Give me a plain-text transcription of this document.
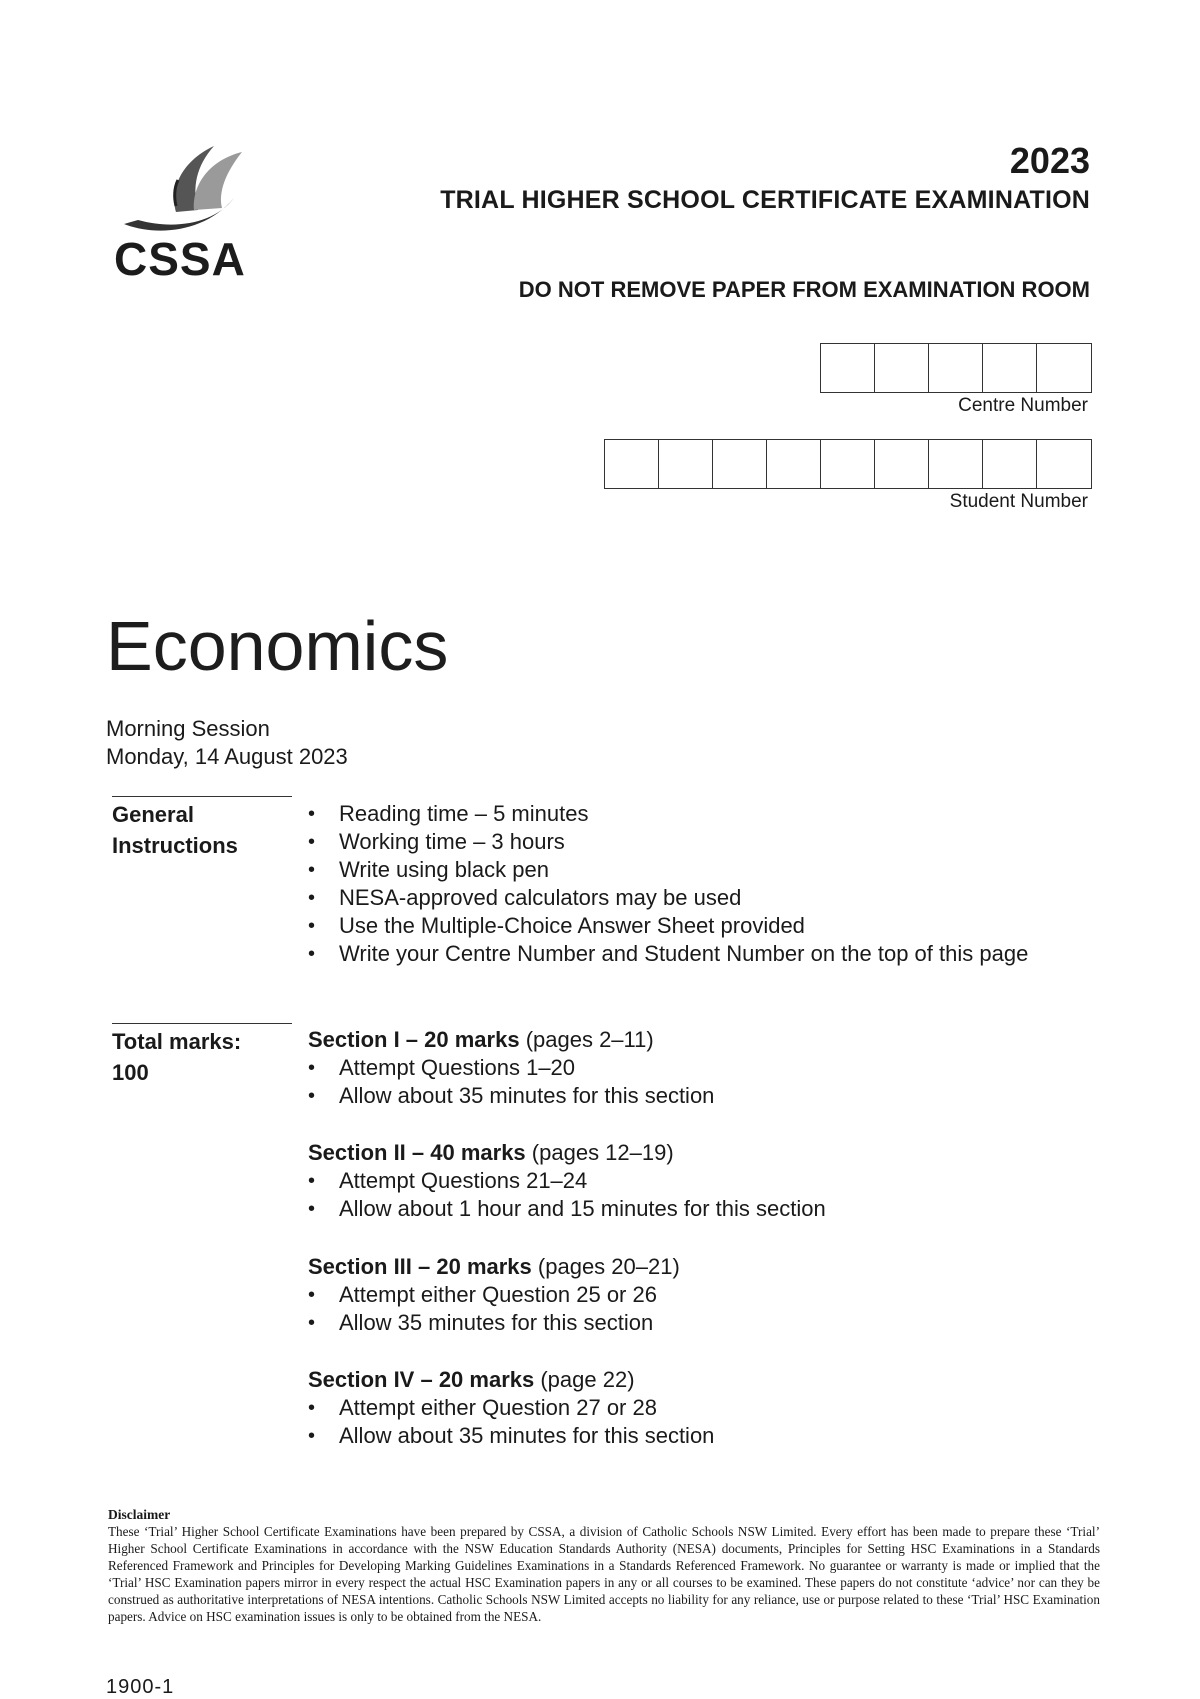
CSSA
2023
TRIAL HIGHER SCHOOL CERTIFICATE EXAMINATION
DO NOT REMOVE PAPER FROM EXAMINATION ROOM
Centre Number
Student Number
Economics
Morning Session
Monday, 14 August 2023
General
Instructions
• Reading time – 5 minutes
• Working time – 3 hours
• Write using black pen
• NESA-approved calculators may be used
• Use the Multiple-Choice Answer Sheet provided
• Write your Centre Number and Student Number on the top of this page
Total marks:
100
Section I – 20 marks (pages 2–11)
• Attempt Questions 1–20
• Allow about 35 minutes for this section
Section II – 40 marks (pages 12–19)
• Attempt Questions 21–24
• Allow about 1 hour and 15 minutes for this section
Section III – 20 marks (pages 20–21)
• Attempt either Question 25 or 26
• Allow 35 minutes for this section
Section IV – 20 marks (page 22)
• Attempt either Question 27 or 28
• Allow about 35 minutes for this section
Disclaimer
These ‘Trial’ Higher School Certificate Examinations have been prepared by CSSA, a division of Catholic Schools NSW Limited. Every effort has been made to prepare these ‘Trial’ Higher School Certificate Examinations in accordance with the NSW Education Standards Authority (NESA) documents, Principles for Setting HSC Examinations in a Standards Referenced Framework and Principles for Developing Marking Guidelines Examinations in a Standards Referenced Framework. No guarantee or warranty is made or implied that the ‘Trial’ HSC Examination papers mirror in every respect the actual HSC Examination papers in any or all courses to be examined. These papers do not constitute ‘advice’ nor can they be construed as authoritative interpretations of NESA intentions. Catholic Schools NSW Limited accepts no liability for any reliance, use or purpose related to these ‘Trial’ HSC Examination papers. Advice on HSC examination issues is only to be obtained from the NESA.
1900-1
